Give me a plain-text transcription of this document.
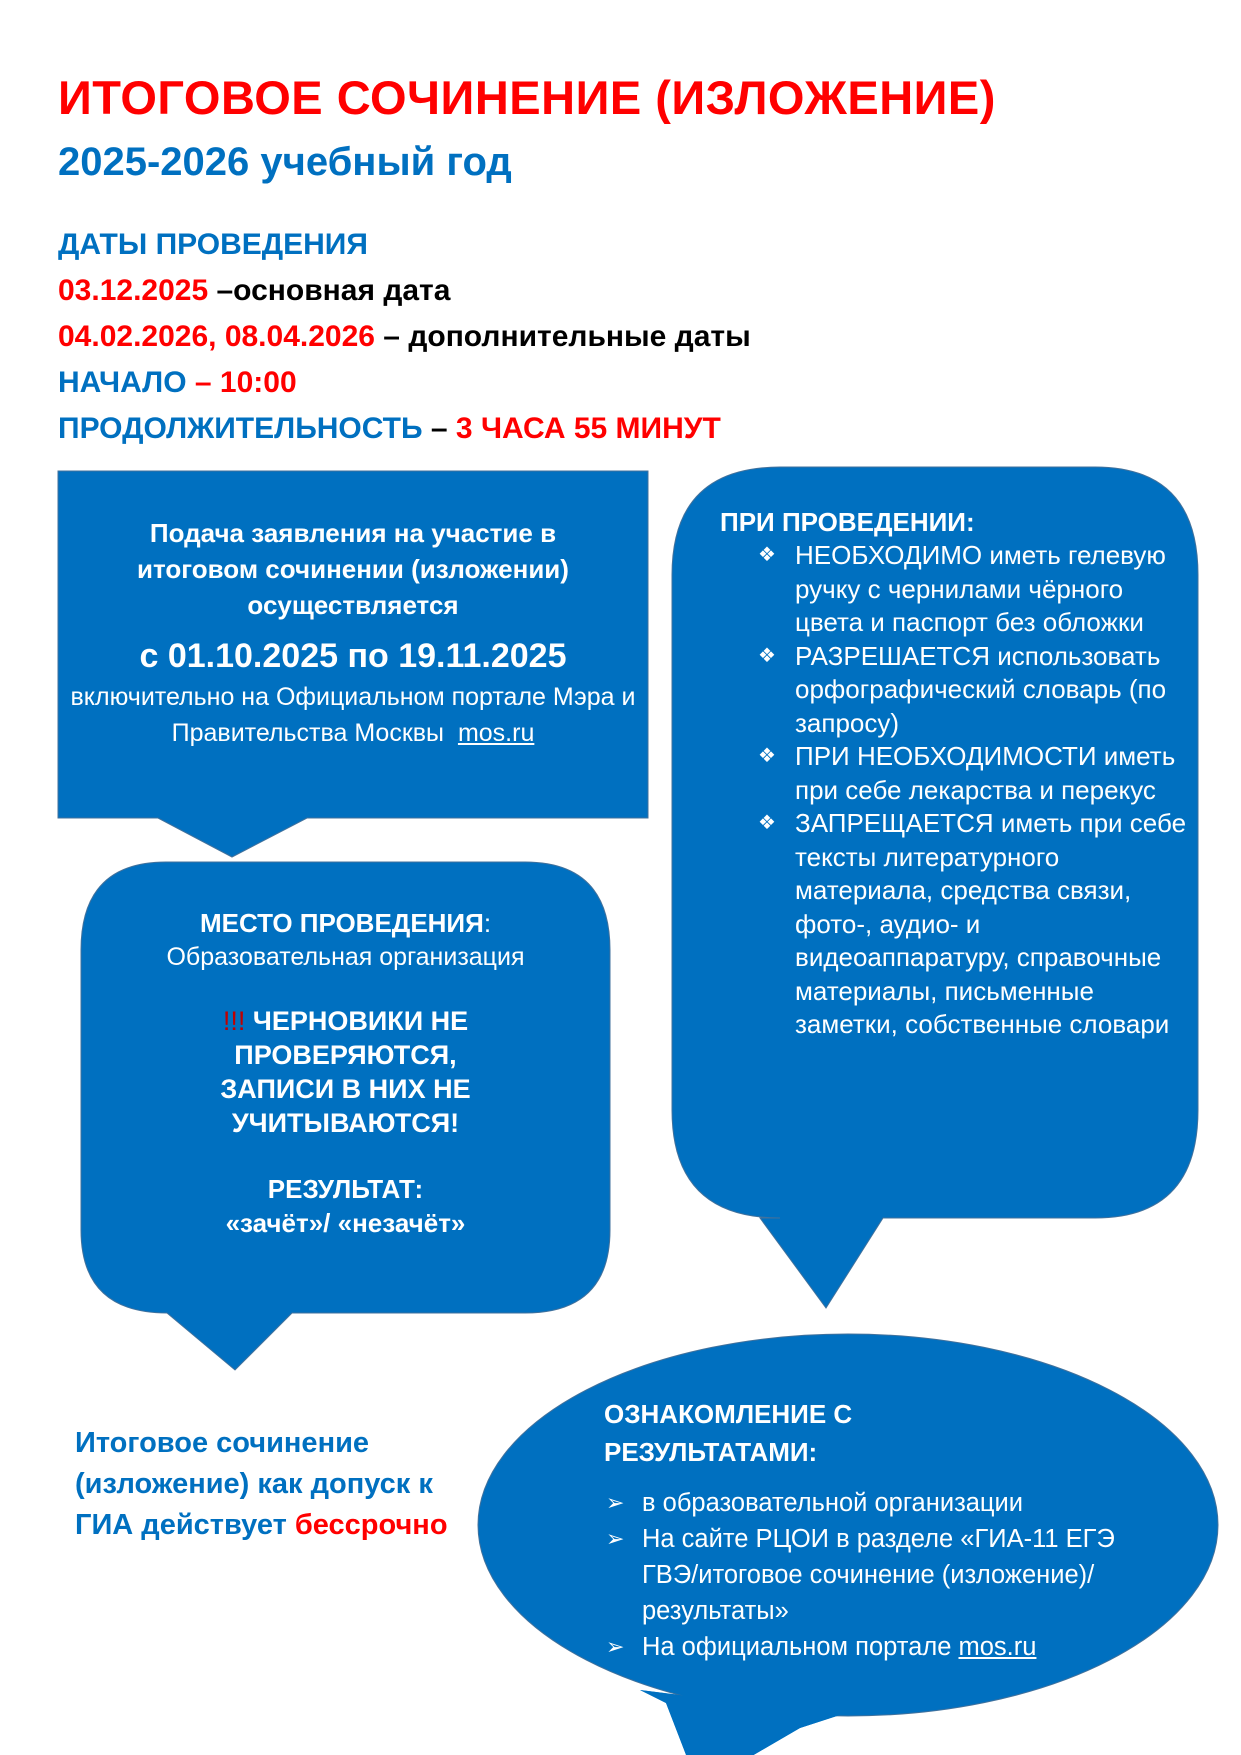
ИТОГОВОЕ СОЧИНЕНИЕ (ИЗЛОЖЕНИЕ)
2025-2026 учебный год
ДАТЫ ПРОВЕДЕНИЯ
03.12.2025 –основная дата
04.02.2026, 08.04.2026 – дополнительные даты
НАЧАЛО – 10:00
ПРОДОЛЖИТЕЛЬНОСТЬ – 3 ЧАСА 55 МИНУТ
Подача заявления на участие в итоговом сочинении (изложении) осуществляется
с 01.10.2025 по 19.11.2025
включительно на Официальном портале Мэра и Правительства Москвы mos.ru
МЕСТО ПРОВЕДЕНИЯ:
Образовательная организация
!!! ЧЕРНОВИКИ НЕ ПРОВЕРЯЮТСЯ, ЗАПИСИ В НИХ НЕ УЧИТЫВАЮТСЯ!
РЕЗУЛЬТАТ:
«зачёт»/ «незачёт»
ПРИ ПРОВЕДЕНИИ:
❖ НЕОБХОДИМО иметь гелевую ручку с чернилами чёрного цвета и паспорт без обложки
❖ РАЗРЕШАЕТСЯ использовать орфографический словарь (по запросу)
❖ ПРИ НЕОБХОДИМОСТИ иметь при себе лекарства и перекус
❖ ЗАПРЕЩАЕТСЯ иметь при себе тексты литературного материала, средства связи, фото-, аудио- и видеоаппаратуру, справочные материалы, письменные заметки, собственные словари
ОЗНАКОМЛЕНИЕ С РЕЗУЛЬТАТАМИ:
➢ в образовательной организации
➢ На сайте РЦОИ в разделе «ГИА-11 ЕГЭ ГВЭ/итоговое сочинение (изложение)/результаты»
➢ На официальном портале mos.ru
Итоговое сочинение (изложение) как допуск к ГИА действует бессрочно
